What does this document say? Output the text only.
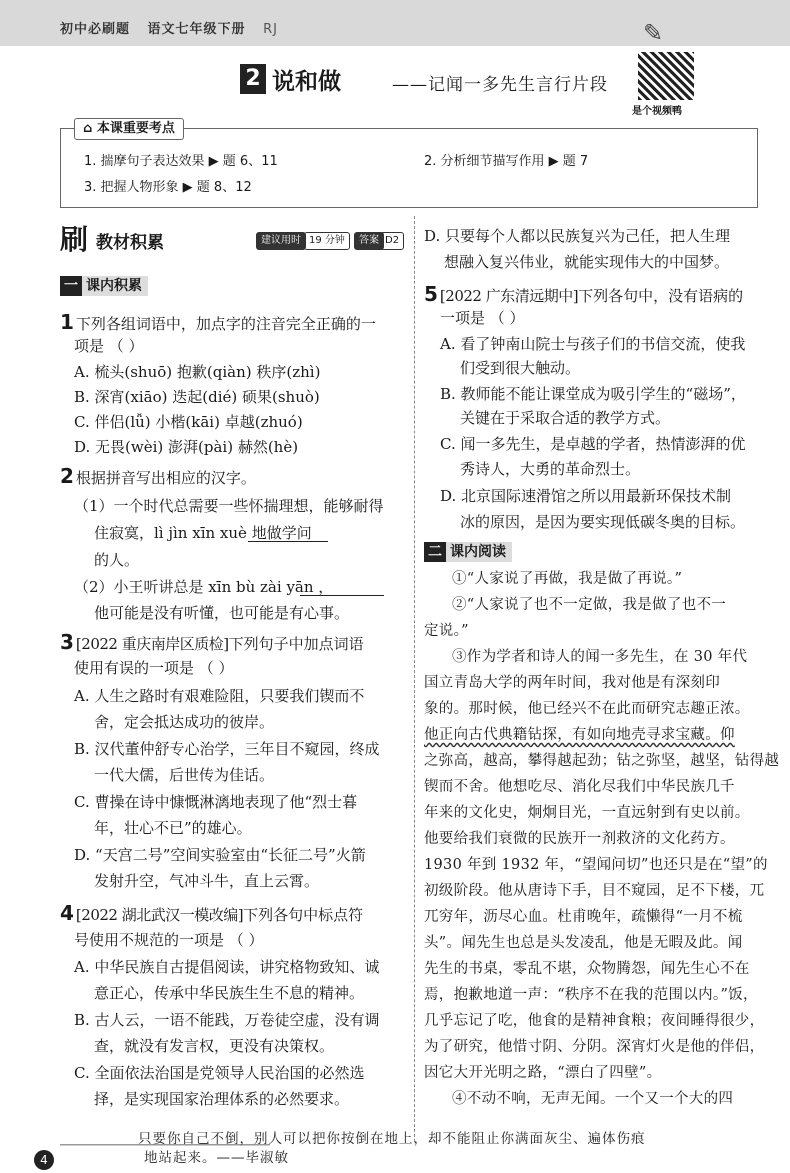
初中必刷题 语文七年级下册 RJ	✎
是个视频鸭
2 说和做	——记闻一多先生言行片段
⌂ 本课重要考点
1. 揣摩句子表达效果 ▶ 题 6、11	2. 分析细节描写作用 ▶ 题 7
3. 把握人物形象 ▶ 题 8、12
刷 教材积累	建议用时 19 分钟	答案 D2
一 课内积累
1 下列各组词语中，加点字的注音完全正确的一
项是 （ ）
A. 梳头(shuō) 抱歉(qiàn) 秩序(zhì)
B. 深宵(xiāo) 迭起(dié) 硕果(shuò)
C. 伴侣(lǚ) 小楷(kāi) 卓越(zhuó)
D. 无畏(wèi) 澎湃(pài) 赫然(hè)
2 根据拼音写出相应的汉字。
（1）一个时代总需要一些怀揣理想，能够耐得
住寂寞，lì jìn xīn xuè 地做学问
的人。
（2）小王听讲总是 xīn bù zài yān ，
他可能是没有听懂，也可能是有心事。
3 [2022 重庆南岸区质检]下列句子中加点词语
使用有误的一项是 （ ）
A. 人生之路时有艰难险阻，只要我们锲而不
舍，定会抵达成功的彼岸。
B. 汉代董仲舒专心治学，三年目不窥园，终成
一代大儒，后世传为佳话。
C. 曹操在诗中慷慨淋漓地表现了他“烈士暮
年，壮心不已”的雄心。
D. “天宫二号”空间实验室由“长征二号”火箭
发射升空，气冲斗牛，直上云霄。
4 [2022 湖北武汉一模改编]下列各句中标点符
号使用不规范的一项是 （ ）
A. 中华民族自古提倡阅读，讲究格物致知、诚
意正心，传承中华民族生生不息的精神。
B. 古人云，一语不能践，万卷徒空虚，没有调
查，就没有发言权，更没有决策权。
C. 全面依法治国是党领导人民治国的必然选
择，是实现国家治理体系的必然要求。
D. 只要每个人都以民族复兴为己任，把人生理
想融入复兴伟业，就能实现伟大的中国梦。
5 [2022 广东清远期中]下列各句中，没有语病的
一项是 （ ）
A. 看了钟南山院士与孩子们的书信交流，使我
们受到很大触动。
B. 教师能不能让课堂成为吸引学生的“磁场”，
关键在于采取合适的教学方式。
C. 闻一多先生，是卓越的学者，热情澎湃的优
秀诗人，大勇的革命烈士。
D. 北京国际速滑馆之所以用最新环保技术制
冰的原因，是因为要实现低碳冬奥的目标。
二 课内阅读
①“人家说了再做，我是做了再说。”
②“人家说了也不一定做，我是做了也不一
定说。”
③作为学者和诗人的闻一多先生，在 30 年代
国立青岛大学的两年时间，我对他是有深刻印
象的。那时候，他已经兴不在此而研究志趣正浓。
他正向古代典籍钻探，有如向地壳寻求宝藏。仰
之弥高，越高，攀得越起劲；钻之弥坚，越坚，钻得越
锲而不舍。他想吃尽、消化尽我们中华民族几千
年来的文化史，炯炯目光，一直远射到有史以前。
他要给我们衰微的民族开一剂救济的文化药方。
1930 年到 1932 年，“望闻问切”也还只是在“望”的
初级阶段。他从唐诗下手，目不窥园，足不下楼，兀
兀穷年，沥尽心血。杜甫晚年，疏懒得“一月不梳
头”。闻先生也总是头发凌乱，他是无暇及此。闻
先生的书桌，零乱不堪，众物腾怨，闻先生心不在
焉，抱歉地道一声：“秩序不在我的范围以内。”饭，
几乎忘记了吃，他食的是精神食粮；夜间睡得很少，
为了研究，他惜寸阴、分阴。深宵灯火是他的伴侣，
因它大开光明之路，“漂白了四壁”。
④不动不响，无声无闻。一个又一个大的四
4
只要你自己不倒，别人可以把你按倒在地上，却不能阻止你满面灰尘、遍体伤痕
地站起来。——毕淑敏
